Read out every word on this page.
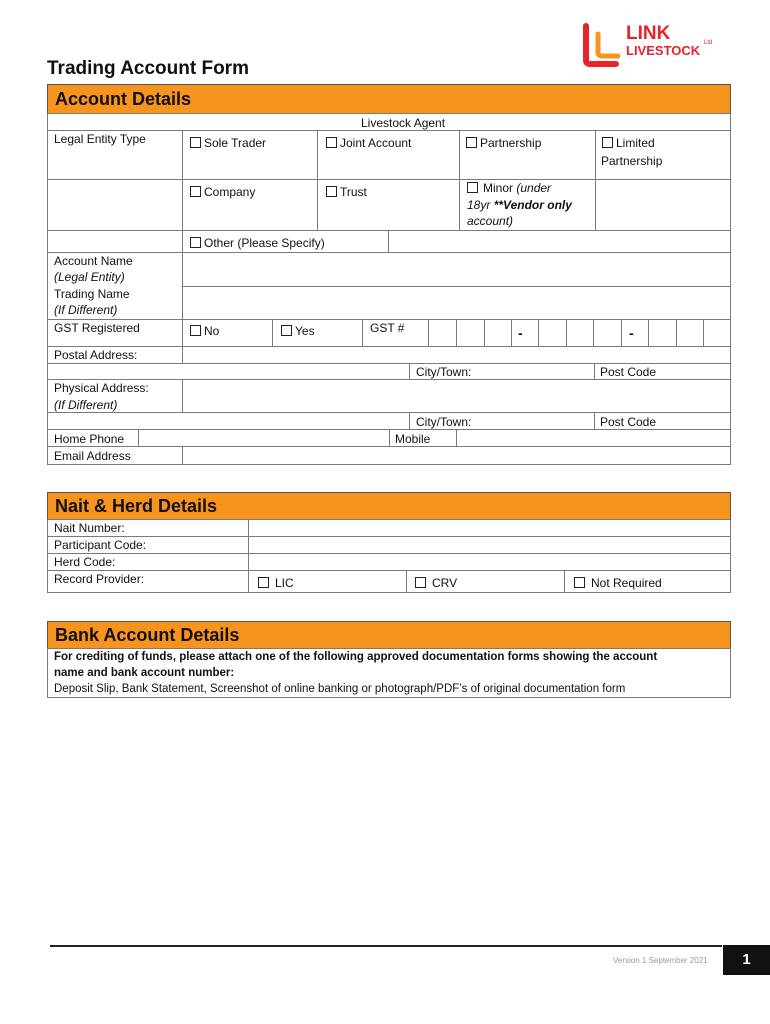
LINK
LIVESTOCK Ltd
Trading Account Form
Account Details
Livestock Agent
Legal Entity Type	Sole Trader	Joint Account	Partnership	Limited
Partnership
Company	Trust	Minor (under
18yr **Vendor only
account)
Other (Please Specify)
Account Name
(Legal Entity)
Trading Name
(If Different)
GST Registered	No	Yes	GST #	-	-
Postal Address:
City/Town:	Post Code
Physical Address:
(If Different)
City/Town:	Post Code
Home Phone	Mobile
Email Address
Nait & Herd Details
Nait Number:
Participant Code:
Herd Code:
Record Provider:	LIC	CRV	Not Required
Bank Account Details
For crediting of funds, please attach one of the following approved documentation forms showing the account
name and bank account number:
Deposit Slip, Bank Statement, Screenshot of online banking or photograph/PDF’s of original documentation form
Version 1 September 2021	1
